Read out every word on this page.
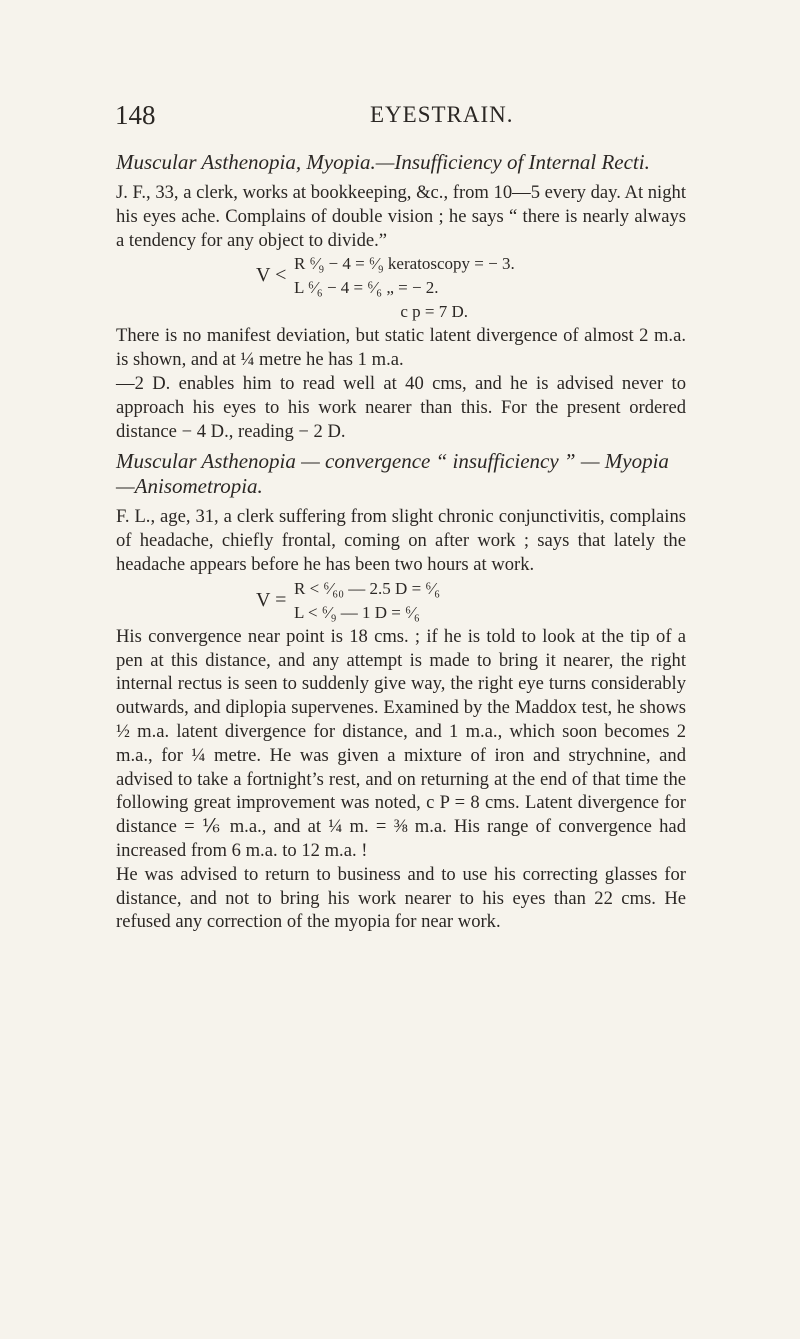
148	EYESTRAIN.
Muscular Asthenopia, Myopia.—Insufficiency of Internal Recti.

J. F., 33, a clerk, works at bookkeeping, &c., from 10—5 every day. At night his eyes ache. Complains of double vision ; he says “ there is nearly always a tendency for any object to divide.”

V <
R ⁶⁄₉ − 4 = ⁶⁄₉ keratoscopy = − 3.
L ⁶⁄₆ − 4 = ⁶⁄₆ „ = − 2.
c p = 7 D.

There is no manifest deviation, but static latent divergence of almost 2 m.a. is shown, and at ¼ metre he has 1 m.a.

—2 D. enables him to read well at 40 cms, and he is advised never to approach his eyes to his work nearer than this. For the present ordered distance − 4 D., reading − 2 D.

Muscular Asthenopia — convergence “ insufficiency ” — Myopia—Anisometropia.

F. L., age, 31, a clerk suffering from slight chronic conjunctivitis, complains of headache, chiefly frontal, coming on after work ; says that lately the headache appears before he has been two hours at work.

V =
R < ⁶⁄₆₀ — 2.5 D = ⁶⁄₆
L < ⁶⁄₉ — 1 D = ⁶⁄₆

His convergence near point is 18 cms. ; if he is told to look at the tip of a pen at this distance, and any attempt is made to bring it nearer, the right internal rectus is seen to suddenly give way, the right eye turns considerably outwards, and diplopia supervenes. Examined by the Maddox test, he shows ½ m.a. latent divergence for distance, and 1 m.a., which soon becomes 2 m.a., for ¼ metre. He was given a mixture of iron and strychnine, and advised to take a fortnight’s rest, and on returning at the end of that time the following great improvement was noted, c P = 8 cms. Latent divergence for distance = ⅙ m.a., and at ¼ m. = ⅜ m.a. His range of convergence had increased from 6 m.a. to 12 m.a. !

He was advised to return to business and to use his correcting glasses for distance, and not to bring his work nearer to his eyes than 22 cms. He refused any correction of the myopia for near work.
